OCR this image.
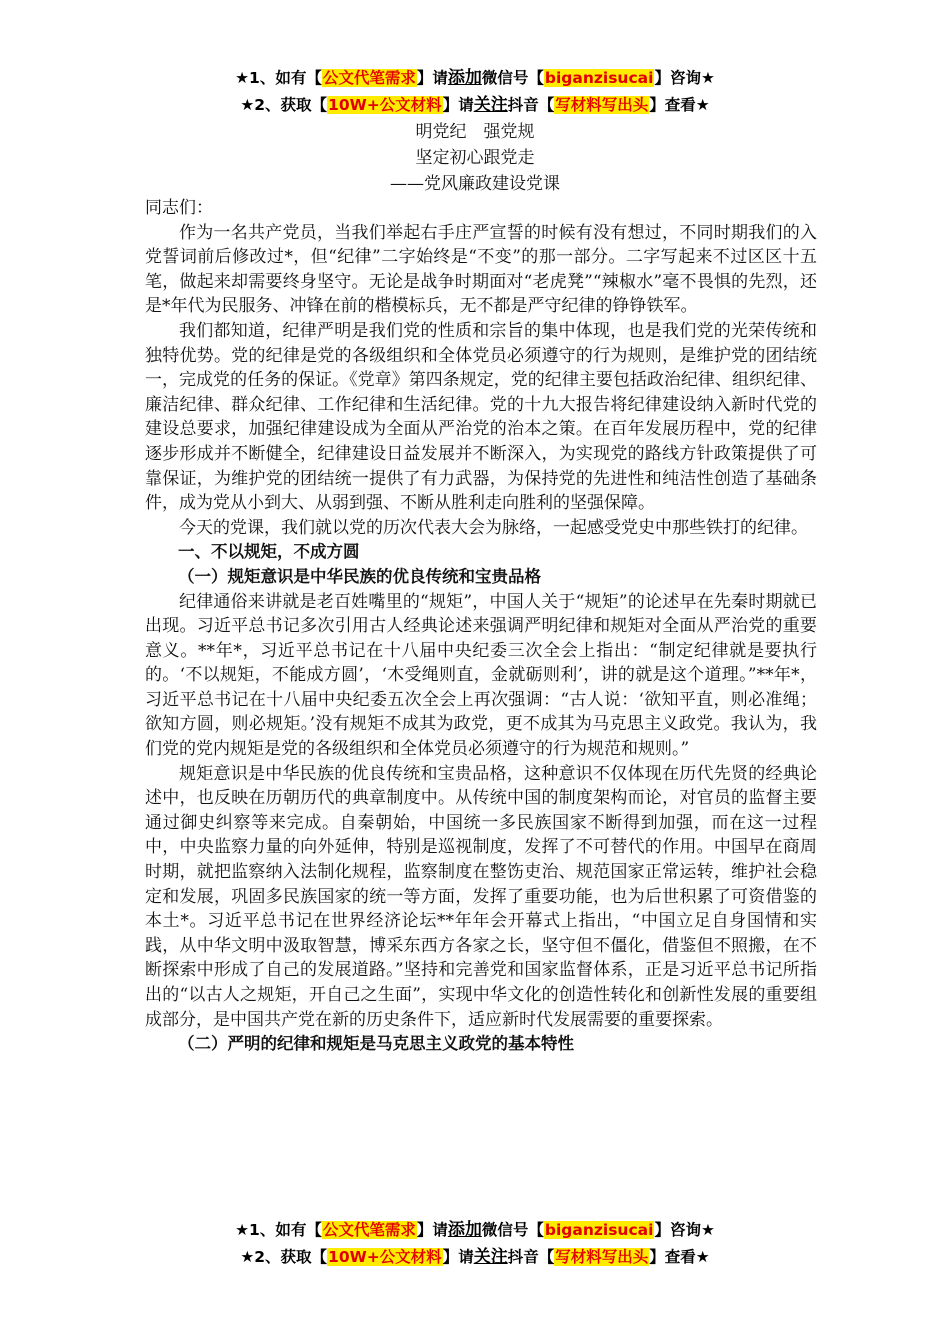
★1、如有【公文代笔需求】请添加微信号【biganzisucai】咨询★
★2、获取【10W+公文材料】请关注抖音【写材料写出头】查看★
明党纪　强党规
坚定初心跟党走
——党风廉政建设党课

同志们：

作为一名共产党员，当我们举起右手庄严宣誓的时候有没有想过，不同时期我们的入党誓词前后修改过*，但“纪律”二字始终是“不变”的那一部分。二字写起来不过区区十五笔，做起来却需要终身坚守。无论是战争时期面对“老虎凳”“辣椒水”毫不畏惧的先烈，还是*年代为民服务、冲锋在前的楷模标兵，无不都是严守纪律的铮铮铁军。

我们都知道，纪律严明是我们党的性质和宗旨的集中体现，也是我们党的光荣传统和独特优势。党的纪律是党的各级组织和全体党员必须遵守的行为规则，是维护党的团结统一，完成党的任务的保证。《党章》第四条规定，党的纪律主要包括政治纪律、组织纪律、廉洁纪律、群众纪律、工作纪律和生活纪律。党的十九大报告将纪律建设纳入新时代党的建设总要求，加强纪律建设成为全面从严治党的治本之策。在百年发展历程中，党的纪律逐步形成并不断健全，纪律建设日益发展并不断深入，为实现党的路线方针政策提供了可靠保证，为维护党的团结统一提供了有力武器，为保持党的先进性和纯洁性创造了基础条件，成为党从小到大、从弱到强、不断从胜利走向胜利的坚强保障。

今天的党课，我们就以党的历次代表大会为脉络，一起感受党史中那些铁打的纪律。

一、不以规矩，不成方圆

（一）规矩意识是中华民族的优良传统和宝贵品格

纪律通俗来讲就是老百姓嘴里的“规矩”，中国人关于“规矩”的论述早在先秦时期就已出现。习近平总书记多次引用古人经典论述来强调严明纪律和规矩对全面从严治党的重要意义。**年*，习近平总书记在十八届中央纪委三次全会上指出：“制定纪律就是要执行的。‘不以规矩，不能成方圆’，‘木受绳则直，金就砺则利’，讲的就是这个道理。”**年*，习近平总书记在十八届中央纪委五次全会上再次强调：“古人说：‘欲知平直，则必准绳；欲知方圆，则必规矩。’没有规矩不成其为政党，更不成其为马克思主义政党。我认为，我们党的党内规矩是党的各级组织和全体党员必须遵守的行为规范和规则。”

规矩意识是中华民族的优良传统和宝贵品格，这种意识不仅体现在历代先贤的经典论述中，也反映在历朝历代的典章制度中。从传统中国的制度架构而论，对官员的监督主要通过御史纠察等来完成。自秦朝始，中国统一多民族国家不断得到加强，而在这一过程中，中央监察力量的向外延伸，特别是巡视制度，发挥了不可替代的作用。中国早在商周时期，就把监察纳入法制化规程，监察制度在整饬吏治、规范国家正常运转，维护社会稳定和发展，巩固多民族国家的统一等方面，发挥了重要功能，也为后世积累了可资借鉴的本土*。习近平总书记在世界经济论坛**年年会开幕式上指出，“中国立足自身国情和实践，从中华文明中汲取智慧，博采东西方各家之长，坚守但不僵化，借鉴但不照搬，在不断探索中形成了自己的发展道路。”坚持和完善党和国家监督体系，正是习近平总书记所指出的“以古人之规矩，开自己之生面”，实现中华文化的创造性转化和创新性发展的重要组成部分，是中国共产党在新的历史条件下，适应新时代发展需要的重要探索。

（二）严明的纪律和规矩是马克思主义政党的基本特性

★1、如有【公文代笔需求】请添加微信号【biganzisucai】咨询★
★2、获取【10W+公文材料】请关注抖音【写材料写出头】查看★
